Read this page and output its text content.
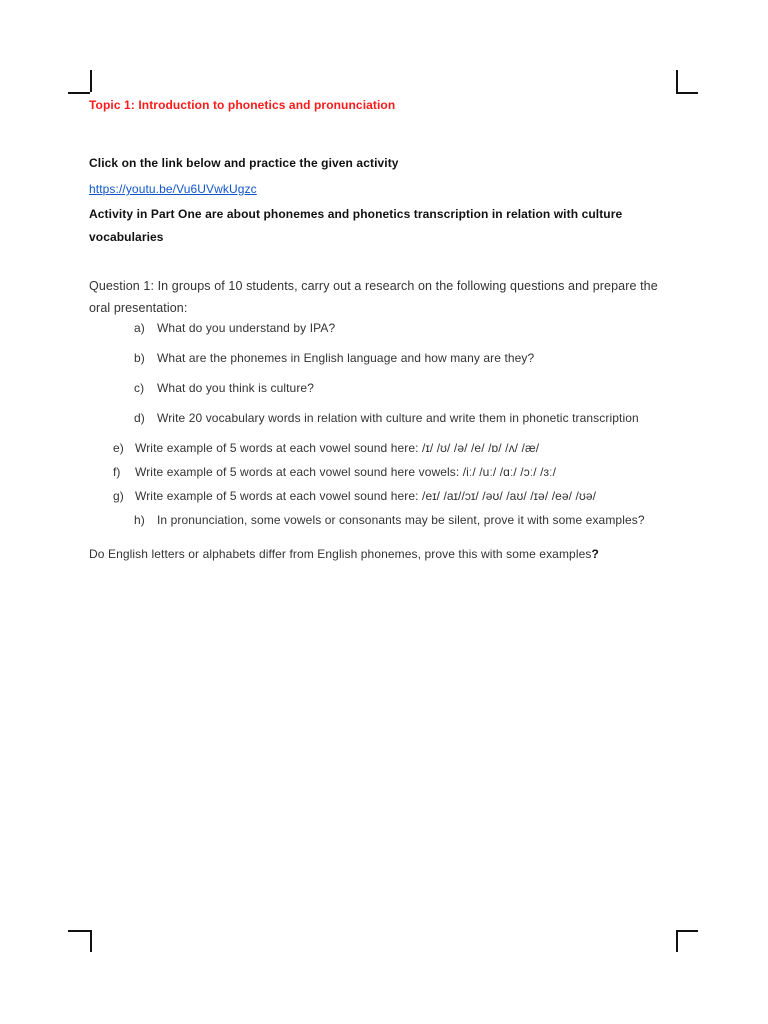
Topic 1: Introduction to phonetics and pronunciation
Click on the link below and practice the given activity
https://youtu.be/Vu6UVwkUgzc
Activity in Part One are about phonemes and phonetics transcription in relation with culture vocabularies
Question 1: In groups of 10 students, carry out a research on the following questions and prepare the oral presentation:
a) What do you understand by IPA?
b) What are the phonemes in English language and how many are they?
c) What do you think is culture?
d) Write 20 vocabulary words in relation with culture and write them in phonetic transcription
e) Write example of 5 words at each vowel sound here: /ɪ/ /ʊ/ /ə/ /e/ /ɒ/ /ʌ/ /æ/
f) Write example of 5 words at each vowel sound here vowels: /iː/ /uː/ /ɑː/ /ɔː/ /ɜː/
g) Write example of 5 words at each vowel sound here: /eɪ/ /aɪ//ɔɪ/ /əʊ/ /aʊ/ /ɪə/ /eə/ /ʊə/
h) In pronunciation, some vowels or consonants may be silent, prove it with some examples?
Do English letters or alphabets differ from English phonemes, prove this with some examples?
